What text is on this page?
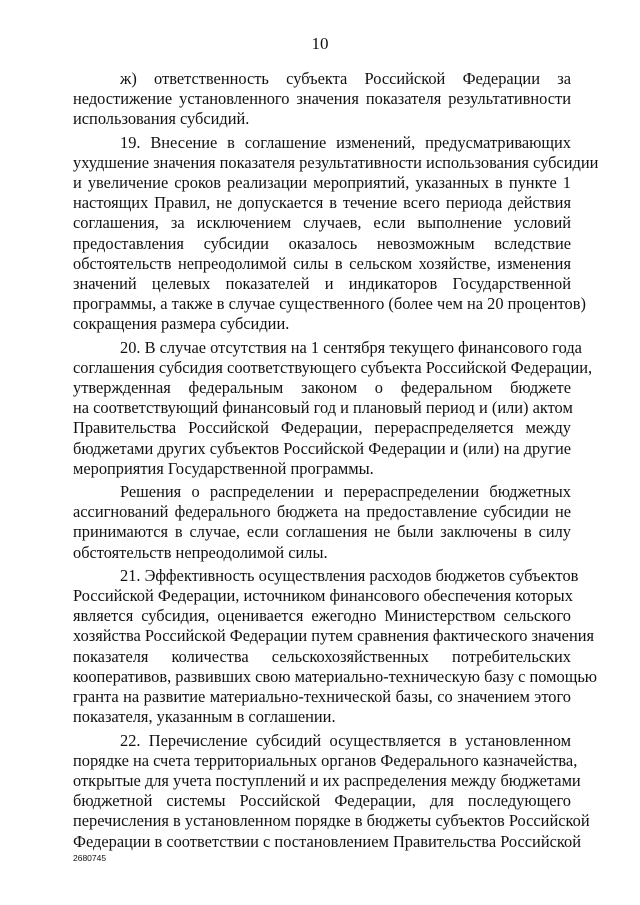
10
ж) ответственность субъекта Российской Федерации за
недостижение установленного значения показателя результативности
использования субсидий.
19. Внесение в соглашение изменений, предусматривающих
ухудшение значения показателя результативности использования субсидии
и увеличение сроков реализации мероприятий, указанных в пункте 1
настоящих Правил, не допускается в течение всего периода действия
соглашения, за исключением случаев, если выполнение условий
предоставления субсидии оказалось невозможным вследствие
обстоятельств непреодолимой силы в сельском хозяйстве, изменения
значений целевых показателей и индикаторов Государственной
программы, а также в случае существенного (более чем на 20 процентов)
сокращения размера субсидии.
20. В случае отсутствия на 1 сентября текущего финансового года
соглашения субсидия соответствующего субъекта Российской Федерации,
утвержденная федеральным законом о федеральном бюджете
на соответствующий финансовый год и плановый период и (или) актом
Правительства Российской Федерации, перераспределяется между
бюджетами других субъектов Российской Федерации и (или) на другие
мероприятия Государственной программы.
Решения о распределении и перераспределении бюджетных
ассигнований федерального бюджета на предоставление субсидии не
принимаются в случае, если соглашения не были заключены в силу
обстоятельств непреодолимой силы.
21. Эффективность осуществления расходов бюджетов субъектов
Российской Федерации, источником финансового обеспечения которых
является субсидия, оценивается ежегодно Министерством сельского
хозяйства Российской Федерации путем сравнения фактического значения
показателя количества сельскохозяйственных потребительских
кооперативов, развивших свою материально-техническую базу с помощью
гранта на развитие материально-технической базы, со значением этого
показателя, указанным в соглашении.
22. Перечисление субсидий осуществляется в установленном
порядке на счета территориальных органов Федерального казначейства,
открытые для учета поступлений и их распределения между бюджетами
бюджетной системы Российской Федерации, для последующего
перечисления в установленном порядке в бюджеты субъектов Российской
Федерации в соответствии с постановлением Правительства Российской
2680745
